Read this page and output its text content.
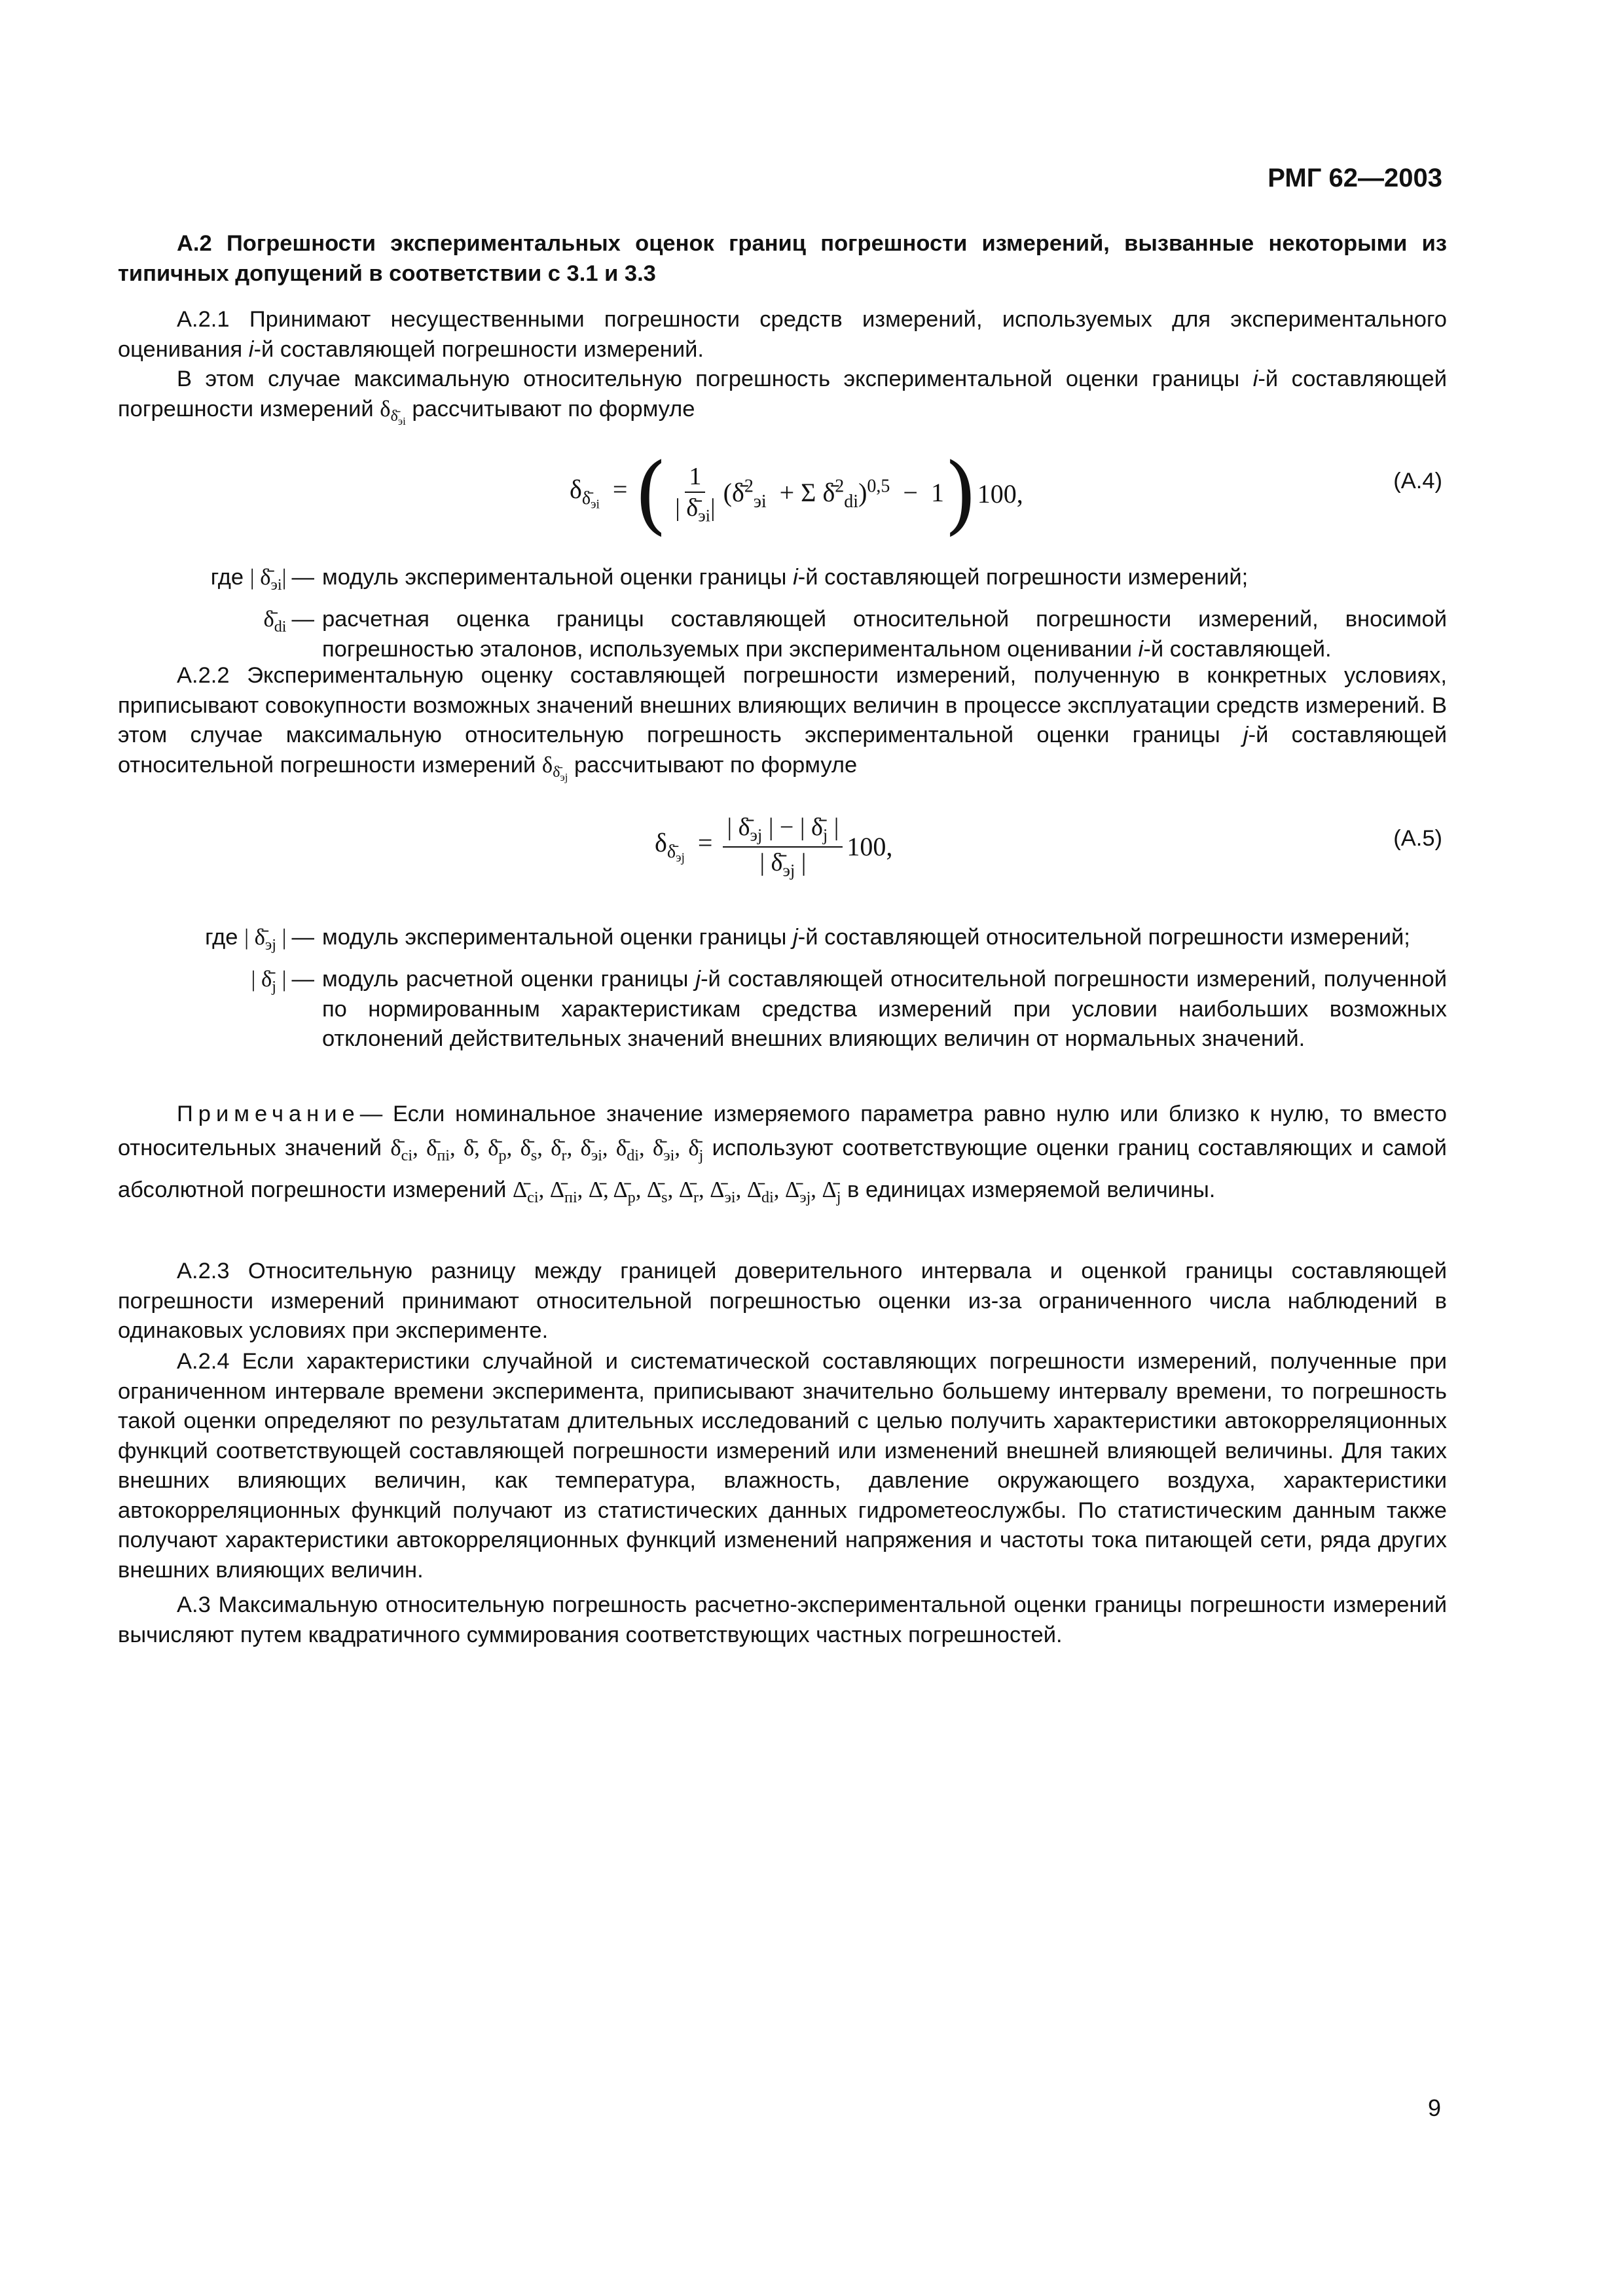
РМГ 62—2003
А.2 Погрешности экспериментальных оценок границ погрешности измерений, вызванные некоторыми из типичных допущений в соответствии с 3.1 и 3.3
А.2.1 Принимают несущественными погрешности средств измерений, используемых для экспериментального оценивания i-й составляющей погрешности измерений.
В этом случае максимальную относительную погрешность экспериментальной оценки границы i-й составляющей погрешности измерений $\delta_{\deltā_{эi}}$ рассчитывают по формуле
$\delta_{\deltā_{эi}}$  = ( $\frac{1}{| \deltā_{эi}|}$ (δ̄$^2_{эi}$  + Σ δ̄$^2_{di}$)$^{0,5}$  −  1)100,	(А.4)
где | $\deltā_{эi}|$ — модуль экспериментальной оценки границы i-й составляющей погрешности измерений;
$\deltā_{di}$ — расчетная оценка границы составляющей относительной погрешности измерений, вносимой погрешностью эталонов, используемых при экспериментальном оценивании i-й составляющей.
А.2.2 Экспериментальную оценку составляющей погрешности измерений, полученную в конкретных условиях, приписывают совокупности возможных значений внешних влияющих величин в процессе эксплуатации средств измерений. В этом случае максимальную относительную погрешность экспериментальной оценки границы j-й составляющей относительной погрешности измерений $\delta_{\deltā_{эj}}$ рассчитывают по формуле
$\delta_{\deltā_{эj}} = \frac{| \deltā_{эj} | - | \deltā_j |}{| \deltā_{эj} |} 100$,	(А.5)
где | $\deltā_{эj}$ | — модуль экспериментальной оценки границы j-й составляющей относительной погрешности измерений;
| $\deltā_j$ | — модуль расчетной оценки границы j-й составляющей относительной погрешности измерений, полученной по нормированным характеристикам средства измерений при условии наибольших возможных отклонений действительных значений внешних влияющих величин от нормальных значений.
Примечание— Если номинальное значение измеряемого параметра равно нулю или близко к нулю, то вместо относительных значений $\deltā_{ci}$, $\deltā_{пi}$, δ̄, $\deltā_p$, $\deltā_s$, $\deltā_r$, $\deltā_{эi}$, $\deltā_{di}$, $\deltā_{эi}$, $\deltā_j$ используют соответствующие оценки границ составляющих и самой абсолютной погрешности измерений $\Deltā_{ci}$, $\Deltā_{пi}$, Δ̄, $\Deltā_p$, $\Deltā_s$, $\Deltā_r$, $\Deltā_{эi}$, $\Deltā_{di}$, $\Deltā_{эj}$, $\Deltā_j$ в единицах измеряемой величины.
А.2.3 Относительную разницу между границей доверительного интервала и оценкой границы составляющей погрешности измерений принимают относительной погрешностью оценки из-за ограниченного числа наблюдений в одинаковых условиях при эксперименте.
А.2.4 Если характеристики случайной и систематической составляющих погрешности измерений, полученные при ограниченном интервале времени эксперимента, приписывают значительно большему интервалу времени, то погрешность такой оценки определяют по результатам длительных исследований с целью получить характеристики автокорреляционных функций соответствующей составляющей погрешности измерений или изменений внешней влияющей величины. Для таких внешних влияющих величин, как температура, влажность, давление окружающего воздуха, характеристики автокорреляционных функций получают из статистических данных гидрометеослужбы. По статистическим данным также получают характеристики автокорреляционных функций изменений напряжения и частоты тока питающей сети, ряда других внешних влияющих величин.
А.3 Максимальную относительную погрешность расчетно-экспериментальной оценки границы погрешности измерений вычисляют путем квадратичного суммирования соответствующих частных погрешностей.
9
